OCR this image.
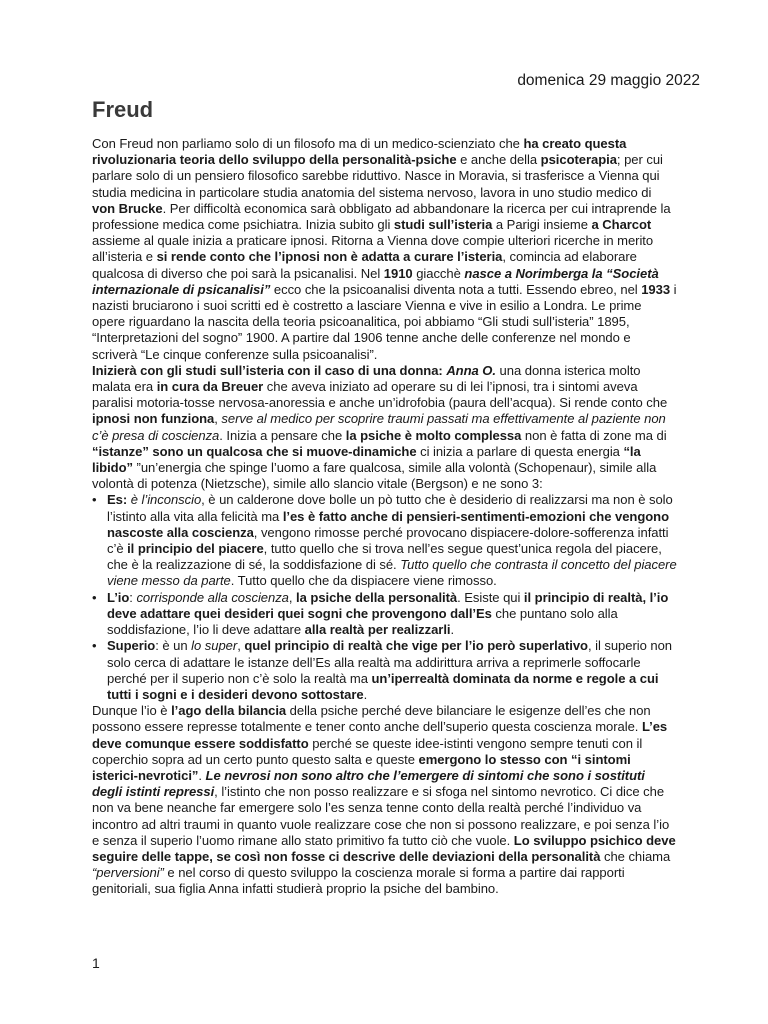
domenica 29 maggio 2022
Freud

Con Freud non parliamo solo di un filosofo ma di un medico-scienziato che ha creato questa rivoluzionaria teoria dello sviluppo della personalità-psiche e anche della psicoterapia; per cui parlare solo di un pensiero filosofico sarebbe riduttivo. Nasce in Moravia, si trasferisce a Vienna qui studia medicina in particolare studia anatomia del sistema nervoso, lavora in uno studio medico di von Brucke. Per difficoltà economica sarà obbligato ad abbandonare la ricerca per cui intraprende la professione medica come psichiatra. Inizia subito gli studi sull’isteria a Parigi insieme a Charcot assieme al quale inizia a praticare ipnosi. Ritorna a Vienna dove compie ulteriori ricerche in merito all’isteria e si rende conto che l’ipnosi non è adatta a curare l’isteria, comincia ad elaborare qualcosa di diverso che poi sarà la psicanalisi. Nel 1910 giacchè nasce a Norimberga la “Società internazionale di psicanalisi” ecco che la psicoanalisi diventa nota a tutti. Essendo ebreo, nel 1933 i nazisti bruciarono i suoi scritti ed è costretto a lasciare Vienna e vive in esilio a Londra. Le prime opere riguardano la nascita della teoria psicoanalitica, poi abbiamo “Gli studi sull’isteria” 1895, “Interpretazioni del sogno” 1900. A partire dal 1906 tenne anche delle conferenze nel mondo e scriverà “Le cinque conferenze sulla psicoanalisi”.

Inizierà con gli studi sull’isteria con il caso di una donna: Anna O. una donna isterica molto malata era in cura da Breuer che aveva iniziato ad operare su di lei l’ipnosi, tra i sintomi aveva paralisi motoria-tosse nervosa-anoressia e anche un’idrofobia (paura dell’acqua). Si rende conto che ipnosi non funziona, serve al medico per scoprire traumi passati ma effettivamente al paziente non c’è presa di coscienza. Inizia a pensare che la psiche è molto complessa non è fatta di zone ma di “istanze” sono un qualcosa che si muove-dinamiche ci inizia a parlare di questa energia “la libido” ”un’energia che spinge l’uomo a fare qualcosa, simile alla volontà (Schopenaur), simile alla volontà di potenza (Nietzsche), simile allo slancio vitale (Bergson) e ne sono 3:

• Es: è l’inconscio, è un calderone dove bolle un pò tutto che è desiderio di realizzarsi ma non è solo l’istinto alla vita alla felicità ma l’es è fatto anche di pensieri-sentimenti-emozioni che vengono nascoste alla coscienza, vengono rimosse perché provocano dispiacere-dolore-sofferenza infatti c’è il principio del piacere, tutto quello che si trova nell’es segue quest’unica regola del piacere, che è la realizzazione di sé, la soddisfazione di sé. Tutto quello che contrasta il concetto del piacere viene messo da parte. Tutto quello che da dispiacere viene rimosso.
• L’io: corrisponde alla coscienza, la psiche della personalità. Esiste qui il principio di realtà, l’io deve adattare quei desideri quei sogni che provengono dall’Es che puntano solo alla soddisfazione, l’io li deve adattare alla realtà per realizzarli.
• Superio: è un lo super, quel principio di realtà che vige per l’io però superlativo, il superio non solo cerca di adattare le istanze dell’Es alla realtà ma addirittura arriva a reprimerle soffocarle perché per il superio non c’è solo la realtà ma un’iperrealtà dominata da norme e regole a cui tutti i sogni e i desideri devono sottostare.

Dunque l’io è l’ago della bilancia della psiche perché deve bilanciare le esigenze dell’es che non possono essere represse totalmente e tener conto anche dell’superio questa coscienza morale. L’es deve comunque essere soddisfatto perché se queste idee-istinti vengono sempre tenuti con il coperchio sopra ad un certo punto questo salta e queste emergono lo stesso con “i sintomi isterici-nevrotici”. Le nevrosi non sono altro che l’emergere di sintomi che sono i sostituti degli istinti repressi, l’istinto che non posso realizzare e si sfoga nel sintomo nevrotico. Ci dice che non va bene neanche far emergere solo l’es senza tenne conto della realtà perché l’individuo va incontro ad altri traumi in quanto vuole realizzare cose che non si possono realizzare, e poi senza l’io e senza il superio l’uomo rimane allo stato primitivo fa tutto ciò che vuole. Lo sviluppo psichico deve seguire delle tappe, se così non fosse ci descrive delle deviazioni della personalità che chiama “perversioni” e nel corso di questo sviluppo la coscienza morale si forma a partire dai rapporti genitoriali, sua figlia Anna infatti studierà proprio la psiche del bambino.

1
